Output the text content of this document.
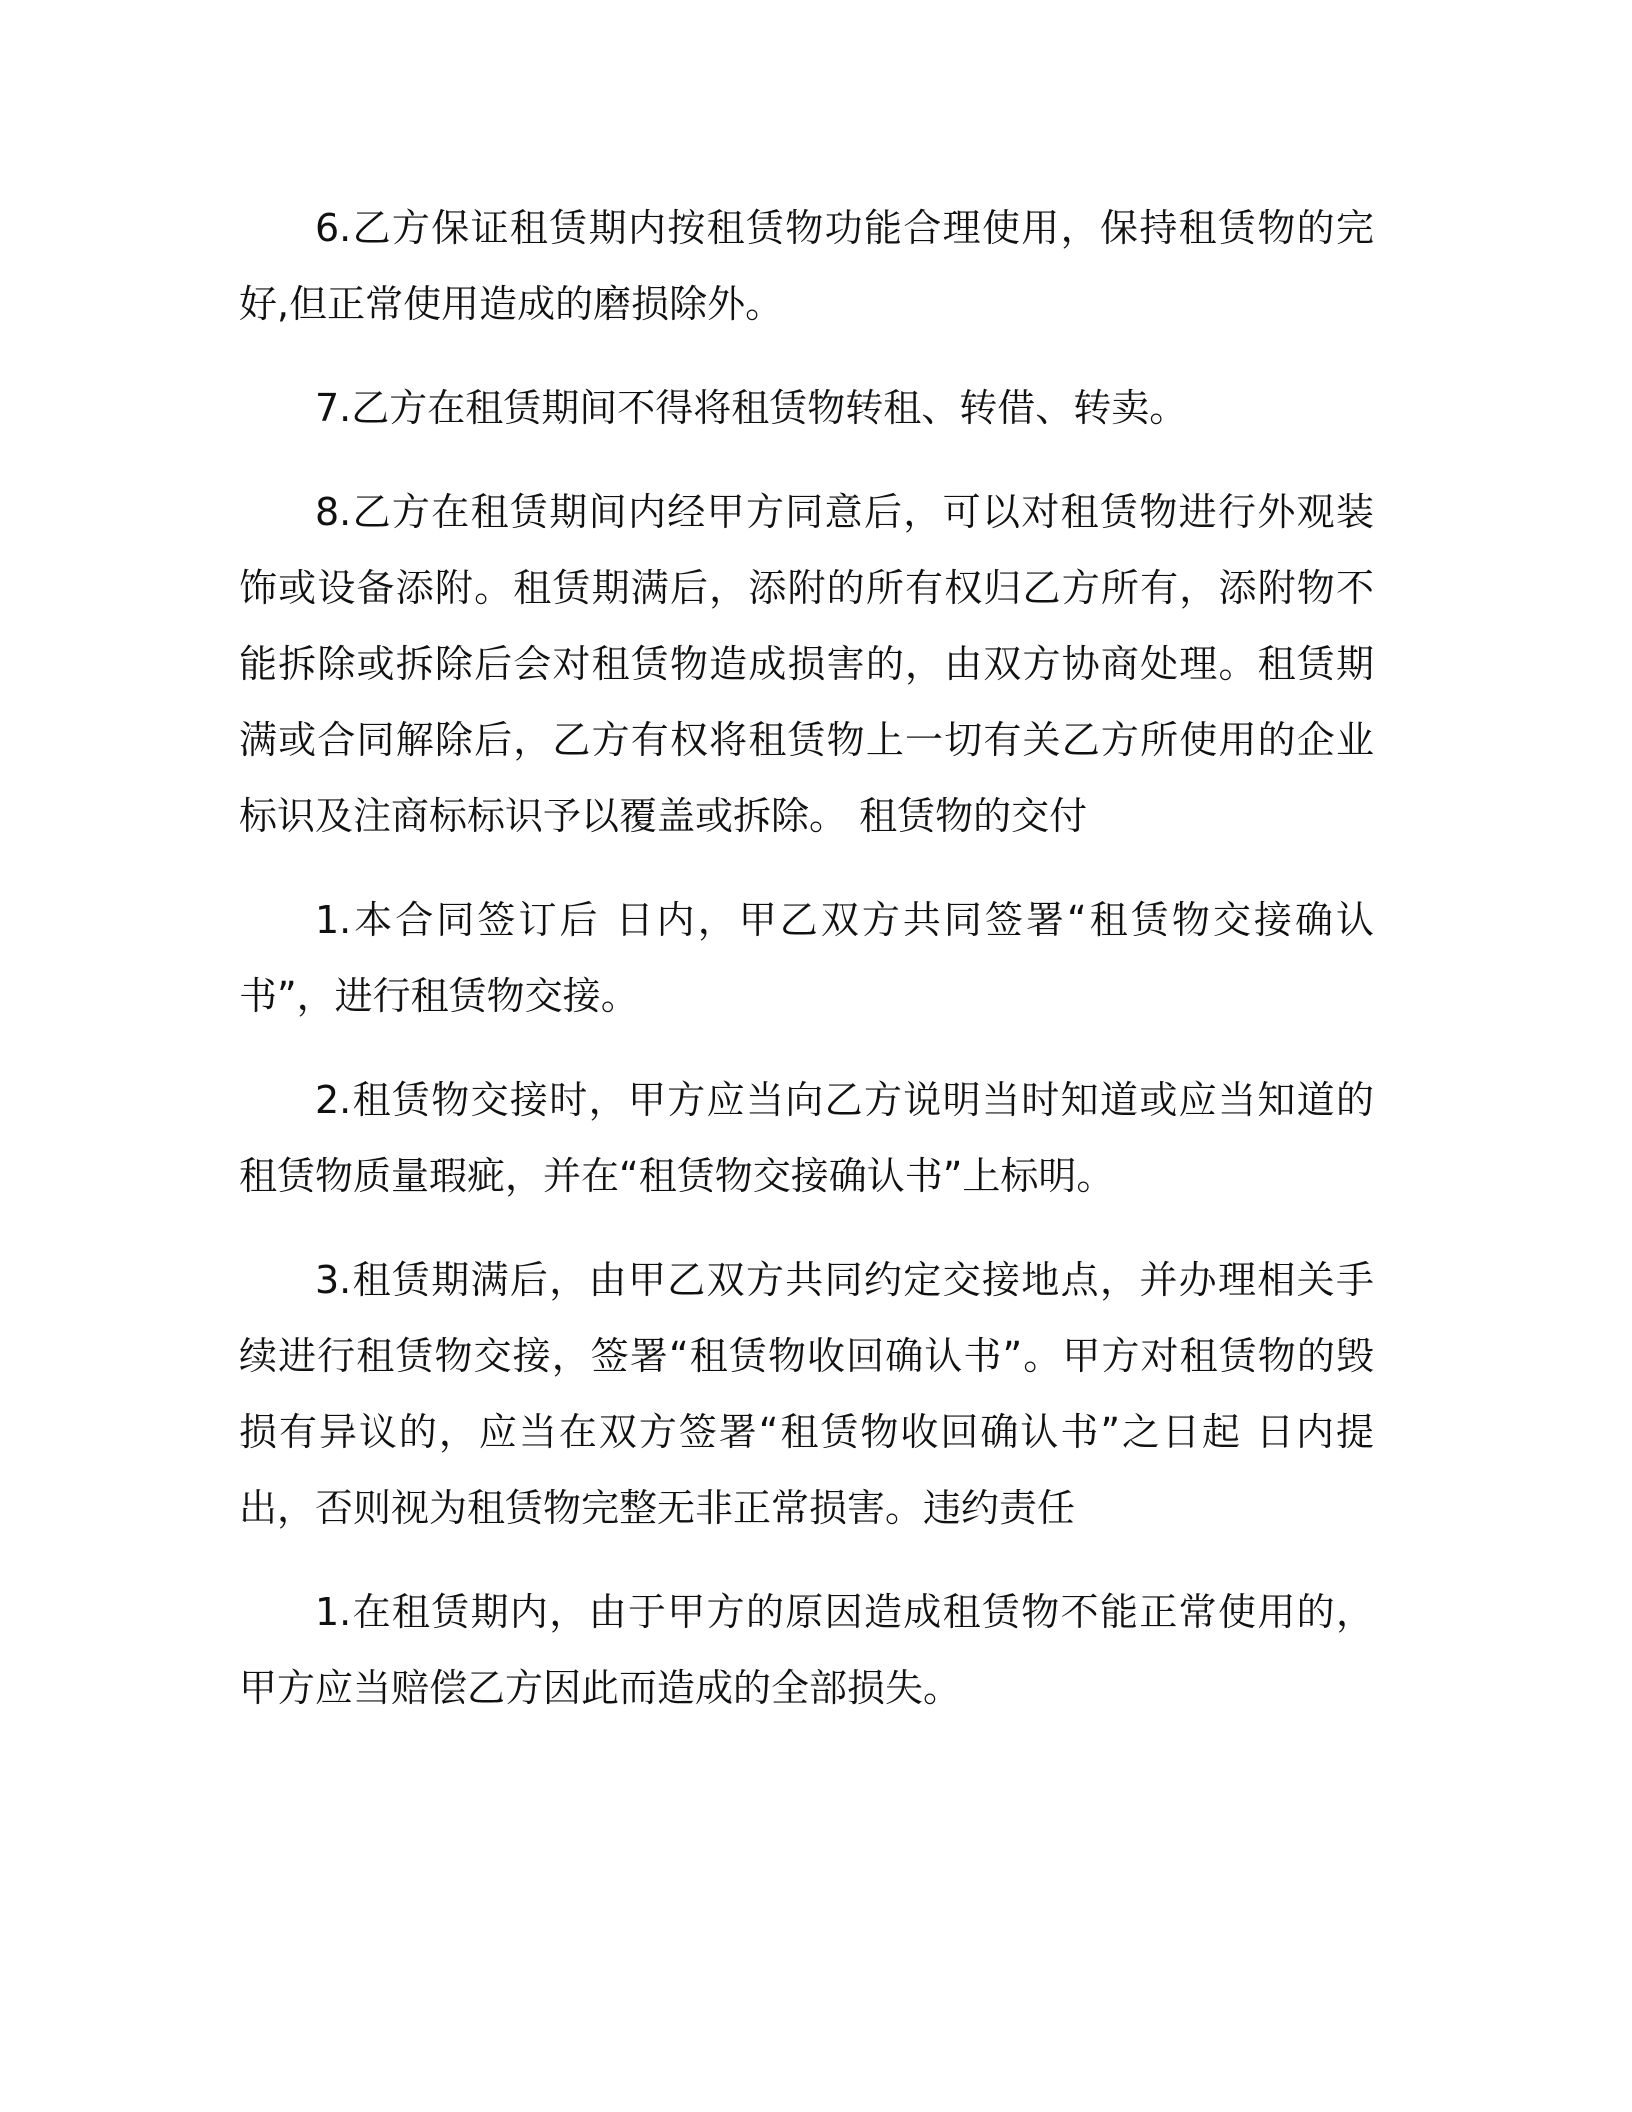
6.乙方保证租赁期内按租赁物功能合理使用，保持租赁物的完好,但正常使用造成的磨损除外。

7.乙方在租赁期间不得将租赁物转租、转借、转卖。

8.乙方在租赁期间内经甲方同意后，可以对租赁物进行外观装饰或设备添附。租赁期满后，添附的所有权归乙方所有，添附物不能拆除或拆除后会对租赁物造成损害的，由双方协商处理。租赁期满或合同解除后，乙方有权将租赁物上一切有关乙方所使用的企业标识及注商标标识予以覆盖或拆除。 租赁物的交付

1.本合同签订后 日内，甲乙双方共同签署“租赁物交接确认书”，进行租赁物交接。

2.租赁物交接时，甲方应当向乙方说明当时知道或应当知道的租赁物质量瑕疵，并在“租赁物交接确认书”上标明。

3.租赁期满后，由甲乙双方共同约定交接地点，并办理相关手续进行租赁物交接，签署“租赁物收回确认书”。甲方对租赁物的毁损有异议的，应当在双方签署“租赁物收回确认书”之日起 日内提出，否则视为租赁物完整无非正常损害。违约责任

1.在租赁期内，由于甲方的原因造成租赁物不能正常使用的，甲方应当赔偿乙方因此而造成的全部损失。
